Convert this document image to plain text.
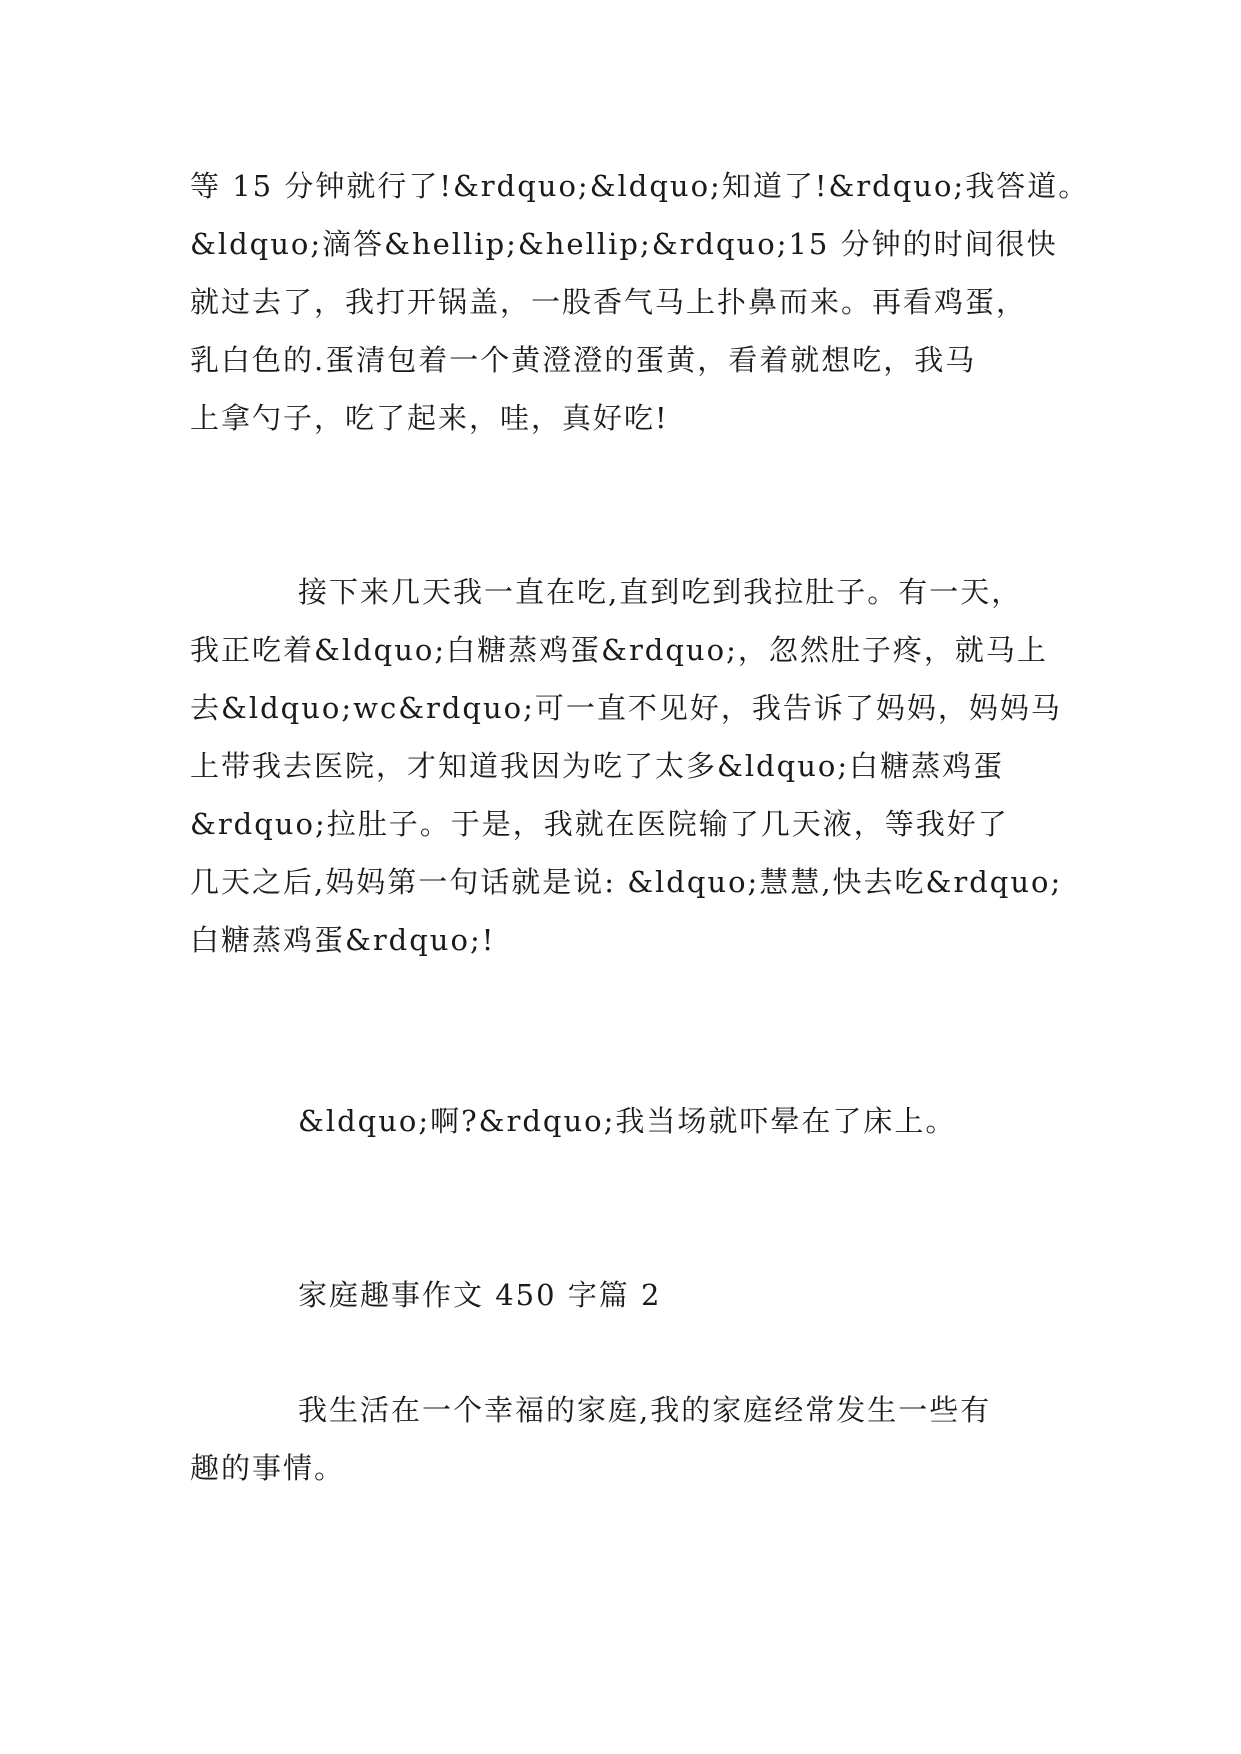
等 15 分钟就行了!&rdquo;&ldquo;知道了!&rdquo;我答道。
&ldquo;滴答&hellip;&hellip;&rdquo;15 分钟的时间很快
就过去了，我打开锅盖，一股香气马上扑鼻而来。再看鸡蛋，
乳白色的.蛋清包着一个黄澄澄的蛋黄，看着就想吃，我马
上拿勺子，吃了起来，哇，真好吃!
接下来几天我一直在吃,直到吃到我拉肚子。有一天，
我正吃着&ldquo;白糖蒸鸡蛋&rdquo;，忽然肚子疼，就马上
去&ldquo;wc&rdquo;可一直不见好，我告诉了妈妈，妈妈马
上带我去医院，才知道我因为吃了太多&ldquo;白糖蒸鸡蛋
&rdquo;拉肚子。于是，我就在医院输了几天液，等我好了
几天之后,妈妈第一句话就是说: &ldquo;慧慧,快去吃&rdquo;
白糖蒸鸡蛋&rdquo;!
&ldquo;啊?&rdquo;我当场就吓晕在了床上。
家庭趣事作文 450 字篇 2
我生活在一个幸福的家庭,我的家庭经常发生一些有
趣的事情。
